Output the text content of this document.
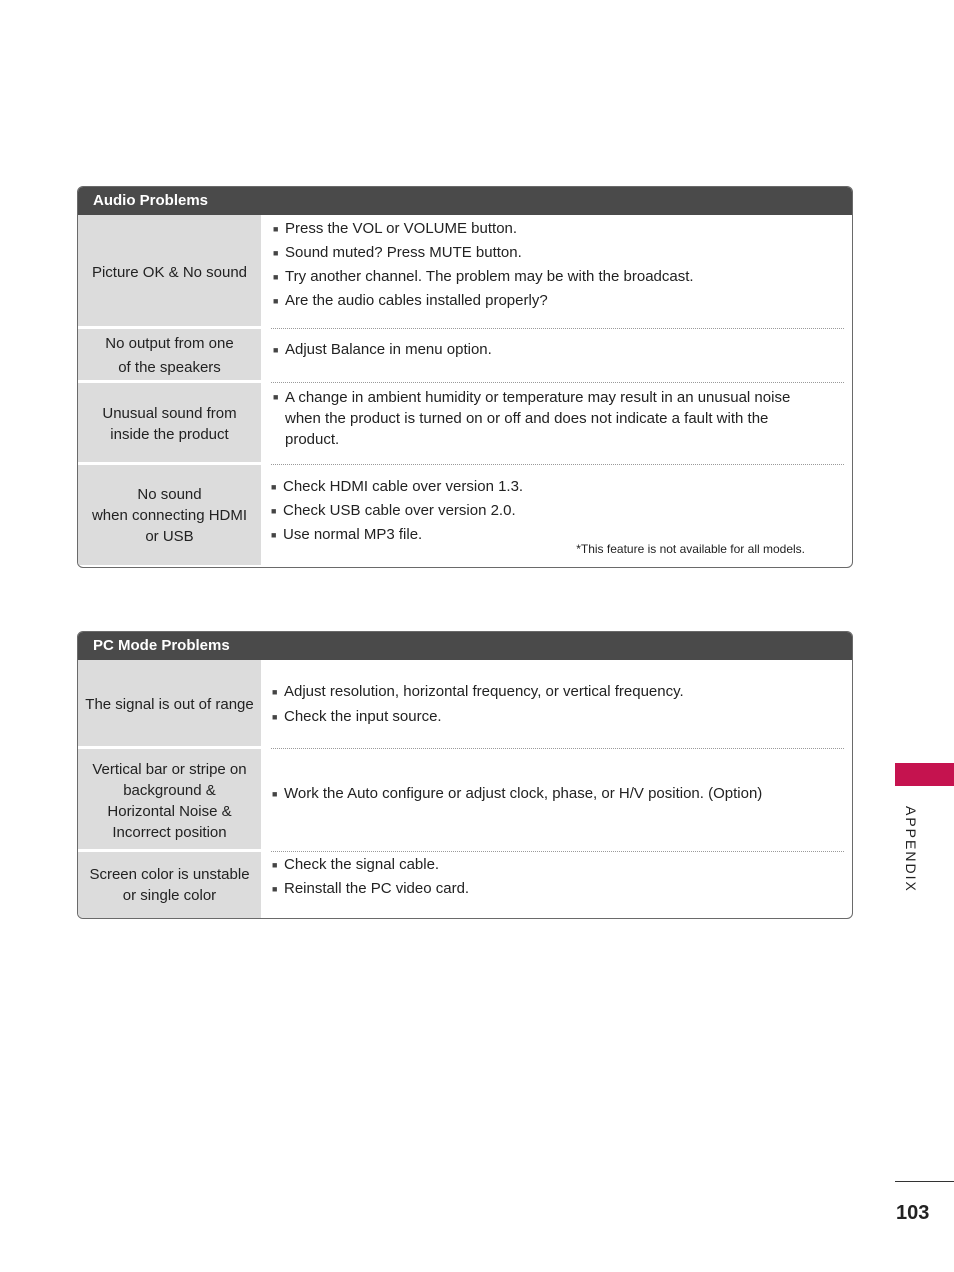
Audio Problems
Picture OK & No sound
■ Press the VOL or VOLUME button.
■ Sound muted? Press MUTE button.
■ Try another channel. The problem may be with the broadcast.
■ Are the audio cables installed properly?
No output from one
of the speakers
■ Adjust Balance in menu option.
Unusual sound from
inside the product
■ A change in ambient humidity or temperature may result in an unusual noise when the product is turned on or off and does not indicate a fault with the product.
No sound
when connecting HDMI
or USB
■ Check HDMI cable over version 1.3.
■ Check USB cable over version 2.0.
■ Use normal MP3 file.
*This feature is not available for all models.
PC Mode Problems
The signal is out of range
■ Adjust resolution, horizontal frequency, or vertical frequency.
■ Check the input source.
Vertical bar or stripe on
background &
Horizontal Noise &
Incorrect position
■ Work the Auto configure or adjust clock, phase, or H/V position. (Option)
Screen color is unstable
or single color
■ Check the signal cable.
■ Reinstall the PC video card.	APPENDIX
103
